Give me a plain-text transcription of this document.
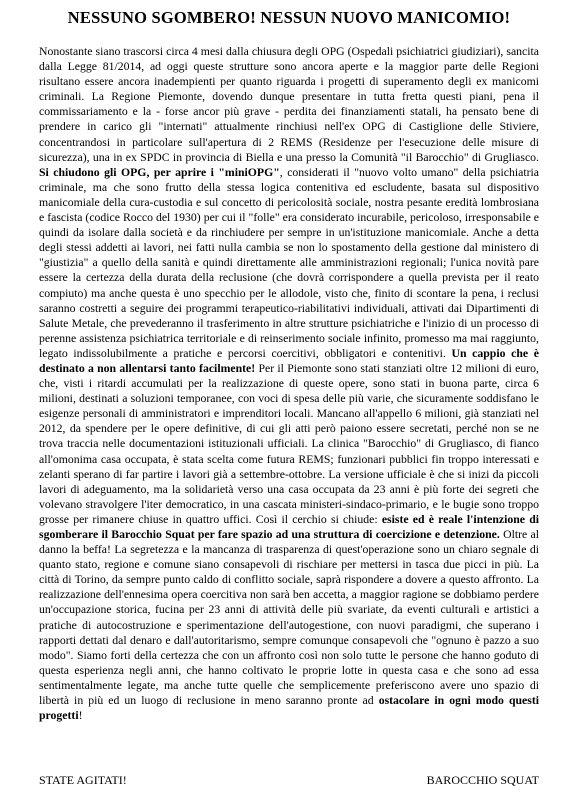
NESSUNO SGOMBERO! NESSUN NUOVO MANICOMIO!
Nonostante siano trascorsi circa 4 mesi dalla chiusura degli OPG (Ospedali psichiatrici giudiziari), sancita dalla Legge 81/2014, ad oggi queste strutture sono ancora aperte e la maggior parte delle Regioni risultano essere ancora inadempienti per quanto riguarda i progetti di superamento degli ex manicomi criminali. La Regione Piemonte, dovendo dunque presentare in tutta fretta questi piani, pena il commissariamento e la - forse ancor più grave - perdita dei finanziamenti statali, ha pensato bene di prendere in carico gli "internati" attualmente rinchiusi nell'ex OPG di Castiglione delle Stiviere, concentrandosi in particolare sull'apertura di 2 REMS (Residenze per l'esecuzione delle misure di sicurezza), una in ex SPDC in provincia di Biella e una presso la Comunità "il Barocchio" di Grugliasco. Si chiudono gli OPG, per aprire i "miniOPG", considerati il "nuovo volto umano" della psichiatria criminale, ma che sono frutto della stessa logica contenitiva ed escludente, basata sul dispositivo manicomiale della cura-custodia e sul concetto di pericolosità sociale, nostra pesante eredità lombrosiana e fascista (codice Rocco del 1930) per cui il "folle" era considerato incurabile, pericoloso, irresponsabile e quindi da isolare dalla società e da rinchiudere per sempre in un'istituzione manicomiale. Anche a detta degli stessi addetti ai lavori, nei fatti nulla cambia se non lo spostamento della gestione dal ministero di "giustizia" a quello della sanità e quindi direttamente alle amministrazioni regionali; l'unica novità pare essere la certezza della durata della reclusione (che dovrà corrispondere a quella prevista per il reato compiuto) ma anche questa è uno specchio per le allodole, visto che, finito di scontare la pena, i reclusi saranno costretti a seguire dei programmi terapeutico-riabilitativi individuali, attivati dai Dipartimenti di Salute Metale, che prevederanno il trasferimento in altre strutture psichiatriche e l'inizio di un processo di perenne assistenza psichiatrica territoriale e di reinserimento sociale infinito, promesso ma mai raggiunto, legato indissolubilmente a pratiche e percorsi coercitivi, obbligatori e contenitivi. Un cappio che è destinato a non allentarsi tanto facilmente! Per il Piemonte sono stati stanziati oltre 12 milioni di euro, che, visti i ritardi accumulati per la realizzazione di queste opere, sono stati in buona parte, circa 6 milioni, destinati a soluzioni temporanee, con voci di spesa delle più varie, che sicuramente soddisfano le esigenze personali di amministratori e imprenditori locali. Mancano all'appello 6 milioni, già stanziati nel 2012, da spendere per le opere definitive, di cui gli atti però paiono essere secretati, perché non se ne trova traccia nelle documentazioni istituzionali ufficiali. La clinica "Barocchio" di Grugliasco, di fianco all'omonima casa occupata, è stata scelta come futura REMS; funzionari pubblici fin troppo interessati e zelanti sperano di far partire i lavori già a settembre-ottobre. La versione ufficiale è che si inizi da piccoli lavori di adeguamento, ma la solidarietà verso una casa occupata da 23 anni è più forte dei segreti che volevano stravolgere l'iter democratico, in una cascata ministeri-sindaco-primario, e le bugie sono troppo grosse per rimanere chiuse in quattro uffici. Così il cerchio si chiude: esiste ed è reale l'intenzione di sgomberare il Barocchio Squat per fare spazio ad una struttura di coercizione e detenzione. Oltre al danno la beffa! La segretezza e la mancanza di trasparenza di quest'operazione sono un chiaro segnale di quanto stato, regione e comune siano consapevoli di rischiare per mettersi in tasca due picci in più. La città di Torino, da sempre punto caldo di conflitto sociale, saprà rispondere a dovere a questo affronto. La realizzazione dell'ennesima opera coercitiva non sarà ben accetta, a maggior ragione se dobbiamo perdere un'occupazione storica, fucina per 23 anni di attività delle più svariate, da eventi culturali e artistici a pratiche di autocostruzione e sperimentazione dell'autogestione, con nuovi paradigmi, che superano i rapporti dettati dal denaro e dall'autoritarismo, sempre comunque consapevoli che "ognuno è pazzo a suo modo". Siamo forti della certezza che con un affronto così non solo tutte le persone che hanno goduto di questa esperienza negli anni, che hanno coltivato le proprie lotte in questa casa e che sono ad essa sentimentalmente legate, ma anche tutte quelle che semplicemente preferiscono avere uno spazio di libertà in più ed un luogo di reclusione in meno saranno pronte ad ostacolare in ogni modo questi progetti!
STATE AGITATI!	BAROCCHIO SQUAT
